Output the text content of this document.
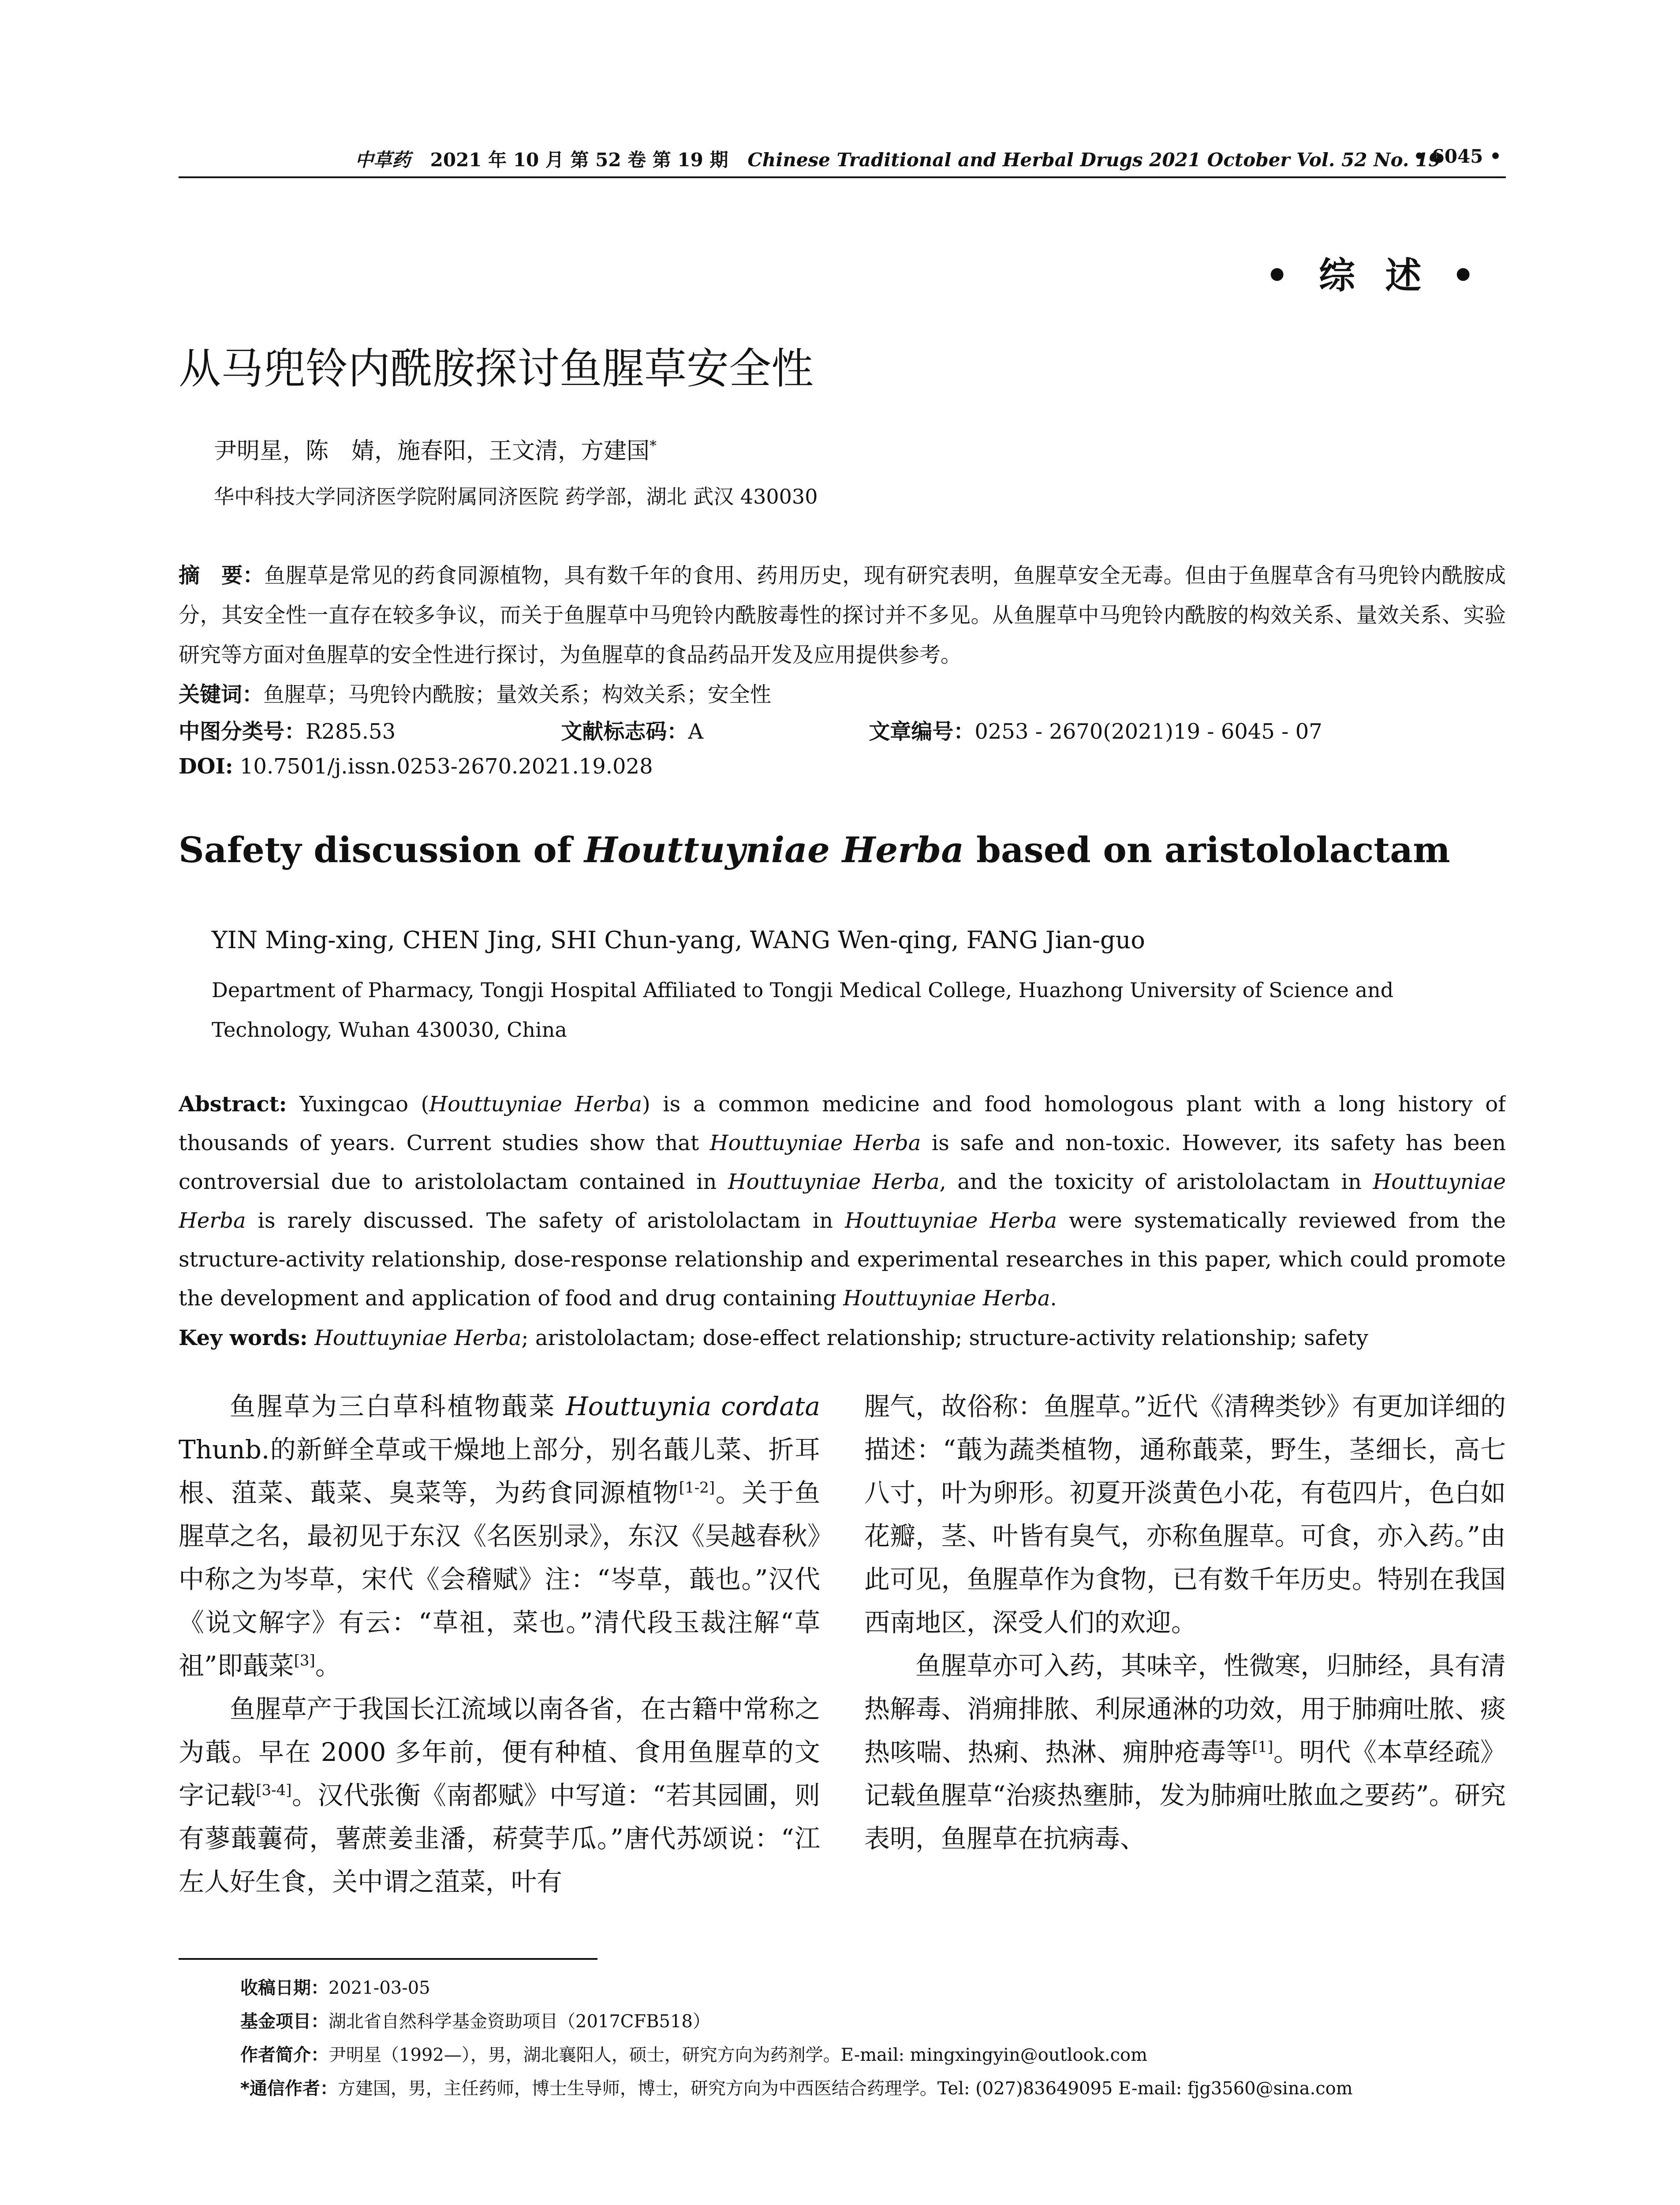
中草药 2021 年 10 月 第 52 卷 第 19 期 Chinese Traditional and Herbal Drugs 2021 October Vol. 52 No. 19
• 6045 •
• 综 述 •
从马兜铃内酰胺探讨鱼腥草安全性
尹明星，陈　婧，施春阳，王文清，方建国*
华中科技大学同济医学院附属同济医院 药学部，湖北 武汉 430030
摘　要：鱼腥草是常见的药食同源植物，具有数千年的食用、药用历史，现有研究表明，鱼腥草安全无毒。但由于鱼腥草含有马兜铃内酰胺成分，其安全性一直存在较多争议，而关于鱼腥草中马兜铃内酰胺毒性的探讨并不多见。从鱼腥草中马兜铃内酰胺的构效关系、量效关系、实验研究等方面对鱼腥草的安全性进行探讨，为鱼腥草的食品药品开发及应用提供参考。
关键词：鱼腥草；马兜铃内酰胺；量效关系；构效关系；安全性
中图分类号：R285.53	文献标志码：A	文章编号：0253 - 2670(2021)19 - 6045 - 07
DOI: 10.7501/j.issn.0253-2670.2021.19.028
Safety discussion of Houttuyniae Herba based on aristololactam
YIN Ming-xing, CHEN Jing, SHI Chun-yang, WANG Wen-qing, FANG Jian-guo
Department of Pharmacy, Tongji Hospital Affiliated to Tongji Medical College, Huazhong University of Science and Technology, Wuhan 430030, China
Abstract: Yuxingcao (Houttuyniae Herba) is a common medicine and food homologous plant with a long history of thousands of years. Current studies show that Houttuyniae Herba is safe and non-toxic. However, its safety has been controversial due to aristololactam contained in Houttuyniae Herba, and the toxicity of aristololactam in Houttuyniae Herba is rarely discussed. The safety of aristololactam in Houttuyniae Herba were systematically reviewed from the structure-activity relationship, dose-response relationship and experimental researches in this paper, which could promote the development and application of food and drug containing Houttuyniae Herba.
Key words: Houttuyniae Herba; aristololactam; dose-effect relationship; structure-activity relationship; safety

鱼腥草为三白草科植物蕺菜 Houttuynia cordata Thunb.的新鲜全草或干燥地上部分，别名蕺儿菜、折耳根、菹菜、蕺菜、臭菜等，为药食同源植物[1-2]。关于鱼腥草之名，最初见于东汉《名医别录》，东汉《吴越春秋》中称之为岑草，宋代《会稽赋》注：“岑草，蕺也。”汉代《说文解字》有云：“草祖，菜也。”清代段玉裁注解“草祖”即蕺菜[3]。

鱼腥草产于我国长江流域以南各省，在古籍中常称之为蕺。早在 2000 多年前，便有种植、食用鱼腥草的文字记载[3-4]。汉代张衡《南都赋》中写道：“若其园圃，则有蓼蕺蘘荷，薯蔗姜韭潘，菥蓂芋瓜。”唐代苏颂说：“江左人好生食，关中谓之菹菜，叶有

腥气，故俗称：鱼腥草。”近代《清稗类钞》有更加详细的描述：“蕺为蔬类植物，通称蕺菜，野生，茎细长，高七八寸，叶为卵形。初夏开淡黄色小花，有苞四片，色白如花瓣，茎、叶皆有臭气，亦称鱼腥草。可食，亦入药。”由此可见，鱼腥草作为食物，已有数千年历史。特别在我国西南地区，深受人们的欢迎。

鱼腥草亦可入药，其味辛，性微寒，归肺经，具有清热解毒、消痈排脓、利尿通淋的功效，用于肺痈吐脓、痰热咳喘、热痢、热淋、痈肿疮毒等[1]。明代《本草经疏》记载鱼腥草“治痰热壅肺，发为肺痈吐脓血之要药”。研究表明，鱼腥草在抗病毒、

收稿日期：2021-03-05
基金项目：湖北省自然科学基金资助项目（2017CFB518）
作者简介：尹明星（1992—），男，湖北襄阳人，硕士，研究方向为药剂学。E-mail: mingxingyin@outlook.com
*通信作者：方建国，男，主任药师，博士生导师，博士，研究方向为中西医结合药理学。Tel: (027)83649095 E-mail: fjg3560@sina.com
